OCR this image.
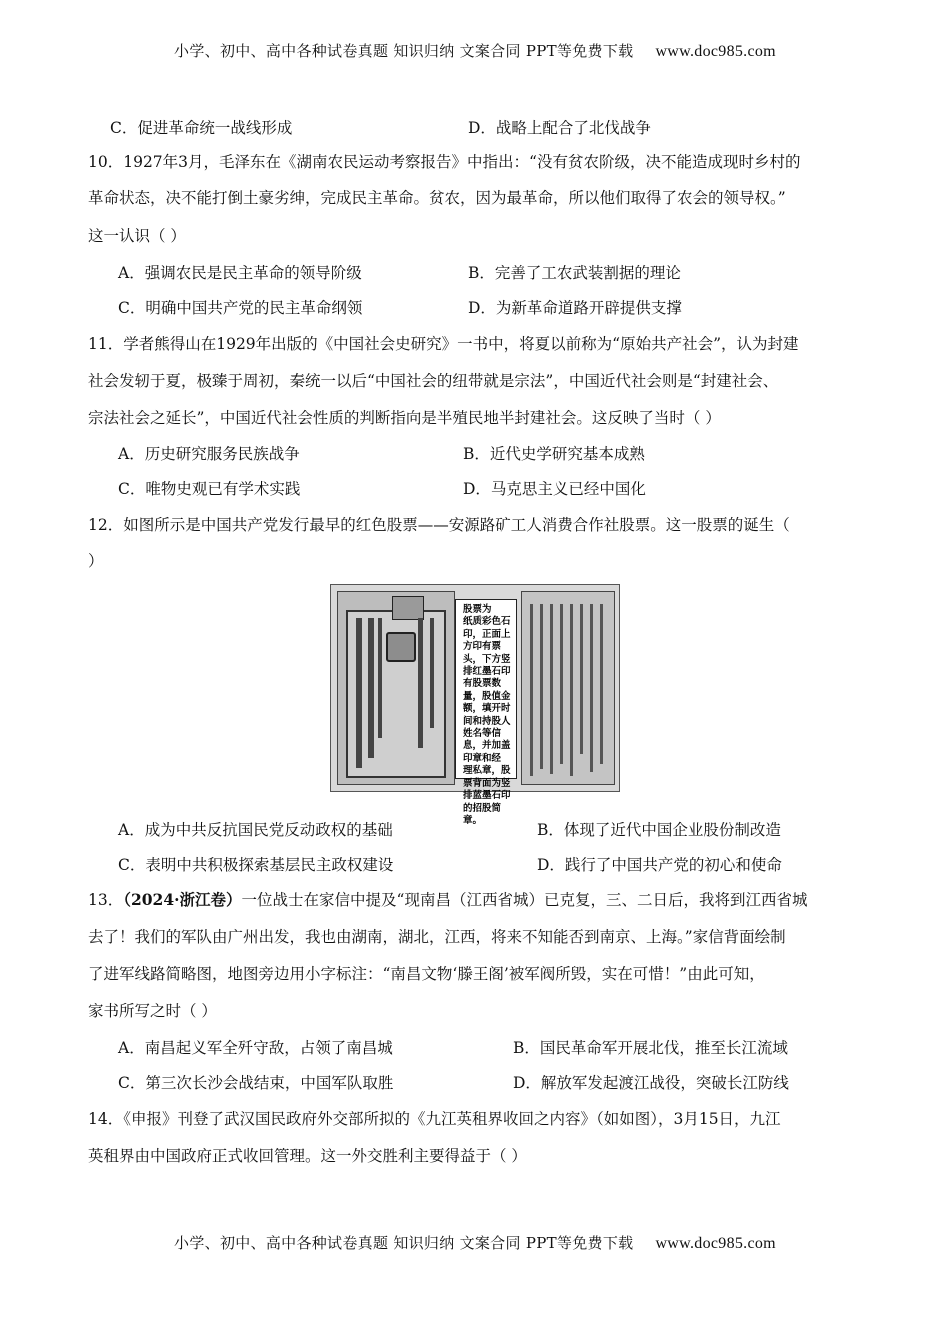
小学、初中、高中各种试卷真题 知识归纳 文案合同 PPT等免费下载 www.doc985.com
C．促进革命统一战线形成	D．战略上配合了北伐战争
10．1927年3月，毛泽东在《湖南农民运动考察报告》中指出：“没有贫农阶级，决不能造成现时乡村的
革命状态，决不能打倒土豪劣绅，完成民主革命。贫农，因为最革命，所以他们取得了农会的领导权。”
这一认识（ ）
A．强调农民是民主革命的领导阶级	B．完善了工农武装割据的理论
C．明确中国共产党的民主革命纲领	D．为新革命道路开辟提供支撑
11．学者熊得山在1929年出版的《中国社会史研究》一书中，将夏以前称为“原始共产社会”，认为封建
社会发轫于夏，极臻于周初，秦统一以后“中国社会的纽带就是宗法”，中国近代社会则是“封建社会、
宗法社会之延长”，中国近代社会性质的判断指向是半殖民地半封建社会。这反映了当时（ ）
A．历史研究服务民族战争	B．近代史学研究基本成熟
C．唯物史观已有学术实践	D．马克思主义已经中国化
12．如图所示是中国共产党发行最早的红色股票——安源路矿工人消费合作社股票。这一股票的诞生（
）
股票为
纸质彩色石
印，正面上
方印有票
头，下方竖
排红墨石印
有股票数
量，股值金
额，填开时
间和持股人
姓名等信
息，并加盖
印章和经
理私章，股
票背面为竖
排蓝墨石印
的招股简
章。
A．成为中共反抗国民党反动政权的基础	B．体现了近代中国企业股份制改造
C．表明中共积极探索基层民主政权建设	D．践行了中国共产党的初心和使命
13．（2024·浙江卷）一位战士在家信中提及“现南昌（江西省城）已克复，三、二日后，我将到江西省城
去了！我们的军队由广州出发，我也由湖南，湖北，江西，将来不知能否到南京、上海。”家信背面绘制
了进军线路简略图，地图旁边用小字标注：“南昌文物‘滕王阁’被军阀所毁，实在可惜！”由此可知，
家书所写之时（ ）
A．南昌起义军全歼守敌，占领了南昌城	B．国民革命军开展北伐，推至长江流域
C．第三次长沙会战结束，中国军队取胜	D．解放军发起渡江战役，突破长江防线
14．《申报》刊登了武汉国民政府外交部所拟的《九江英租界收回之内容》（如如图），3月15日，九江
英租界由中国政府正式收回管理。这一外交胜利主要得益于（ ）
小学、初中、高中各种试卷真题 知识归纳 文案合同 PPT等免费下载 www.doc985.com
